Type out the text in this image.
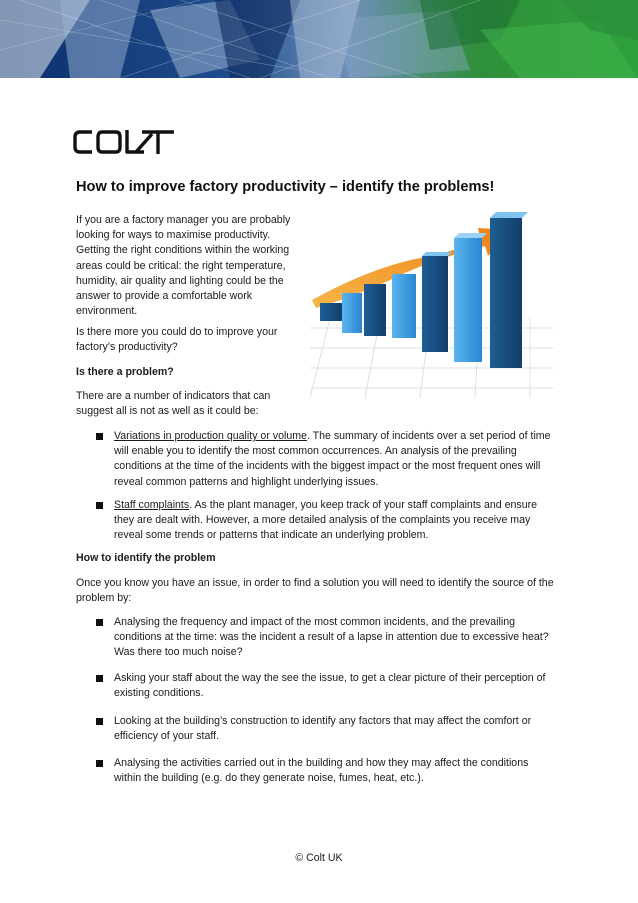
How to improve factory productivity – identify the problems!
If you are a factory manager you are probably
looking for ways to maximise productivity.
Getting the right conditions within the working
areas could be critical: the right temperature,
humidity, air quality and lighting could be the
answer to provide a comfortable work
environment.
Is there more you could do to improve your
factory’s productivity?
Is there a problem?
There are a number of indicators that can
suggest all is not as well as it could be:
Variations in production quality or volume. The summary of incidents over a set period of time
will enable you to identify the most common occurrences. An analysis of the prevailing
conditions at the time of the incidents with the biggest impact or the most frequent ones will
reveal common patterns and highlight underlying issues.
Staff complaints. As the plant manager, you keep track of your staff complaints and ensure
they are dealt with. However, a more detailed analysis of the complaints you receive may
reveal some trends or patterns that indicate an underlying problem.
How to identify the problem
Once you know you have an issue, in order to find a solution you will need to identify the source of the
problem by:
Analysing the frequency and impact of the most common incidents, and the prevailing
conditions at the time: was the incident a result of a lapse in attention due to excessive heat?
Was there too much noise?
Asking your staff about the way the see the issue, to get a clear picture of their perception of
existing conditions.
Looking at the building’s construction to identify any factors that may affect the comfort or
efficiency of your staff.
Analysing the activities carried out in the building and how they may affect the conditions
within the building (e.g. do they generate noise, fumes, heat, etc.).
© Colt UK
